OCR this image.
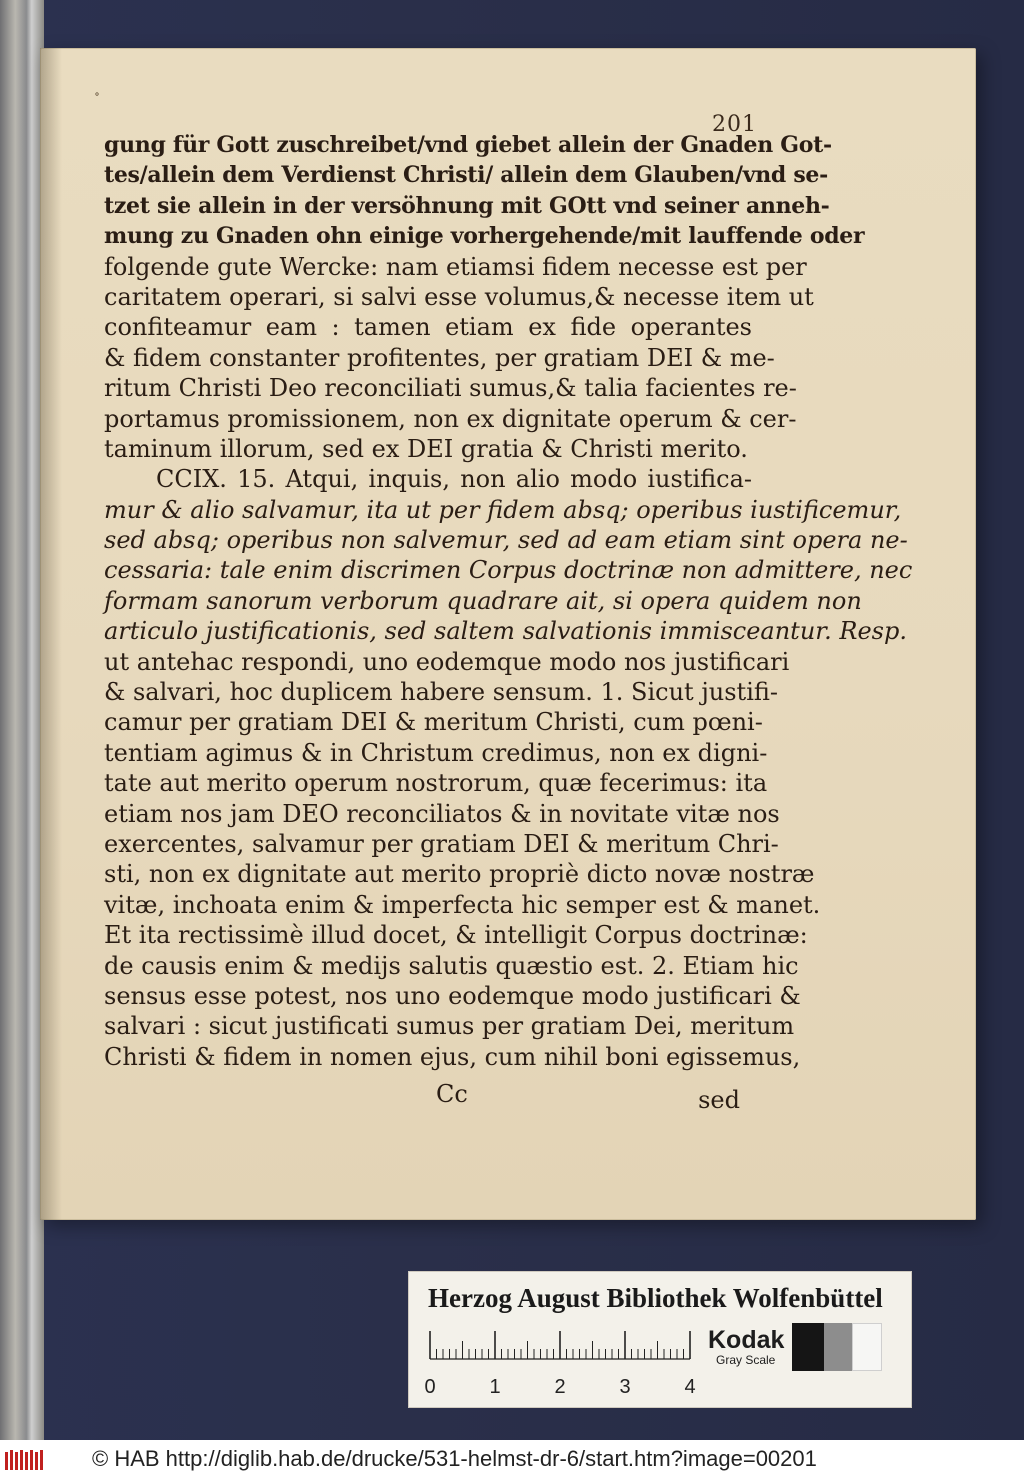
˚
201
gung für Gott zuschreibet/vnd giebet allein der Gnaden Got-
tes/allein dem Verdienst Christi/ allein dem Glauben/vnd se-
tzet sie allein in der versöhnung mit GOtt vnd seiner anneh-
mung zu Gnaden ohn einige vorhergehende/mit lauffende oder
folgende gute Wercke: nam etiamsi fidem necesse est per
caritatem operari, si salvi esse volumus,& necesse item ut
confiteamur eam : tamen etiam ex fide operantes
& fidem constanter profitentes, per gratiam DEI & me-
ritum Christi Deo reconciliati sumus,& talia facientes re-
portamus promissionem, non ex dignitate operum & cer-
taminum illorum, sed ex DEI gratia & Christi merito.
CCIX. 15. Atqui, inquis, non alio modo iustifica-
mur & alio salvamur, ita ut per fidem absq; operibus iustificemur,
sed absq; operibus non salvemur, sed ad eam etiam sint opera ne-
cessaria: tale enim discrimen Corpus doctrinæ non admittere, nec
formam sanorum verborum quadrare ait, si opera quidem non
articulo justificationis, sed saltem salvationis immisceantur. Resp.
ut antehac respondi, uno eodemque modo nos justificari
& salvari, hoc duplicem habere sensum. 1. Sicut justifi-
camur per gratiam DEI & meritum Christi, cum pœni-
tentiam agimus & in Christum credimus, non ex digni-
tate aut merito operum nostrorum, quæ fecerimus: ita
etiam nos jam DEO reconciliatos & in novitate vitæ nos
exercentes, salvamur per gratiam DEI & meritum Chri-
sti, non ex dignitate aut merito propriè dicto novæ nostræ
vitæ, inchoata enim & imperfecta hic semper est & manet.
Et ita rectissimè illud docet, & intelligit Corpus doctrinæ:
de causis enim & medijs salutis quæstio est. 2. Etiam hic
sensus esse potest, nos uno eodemque modo justificari &
salvari : sicut justificati sumus per gratiam Dei, meritum
Christi & fidem in nomen ejus, cum nihil boni egissemus,
Cc	sed
Herzog August Bibliothek Wolfenbüttel
0	1	2	3	4
Kodak
Gray Scale
© HAB http://diglib.hab.de/drucke/531-helmst-dr-6/start.htm?image=00201
